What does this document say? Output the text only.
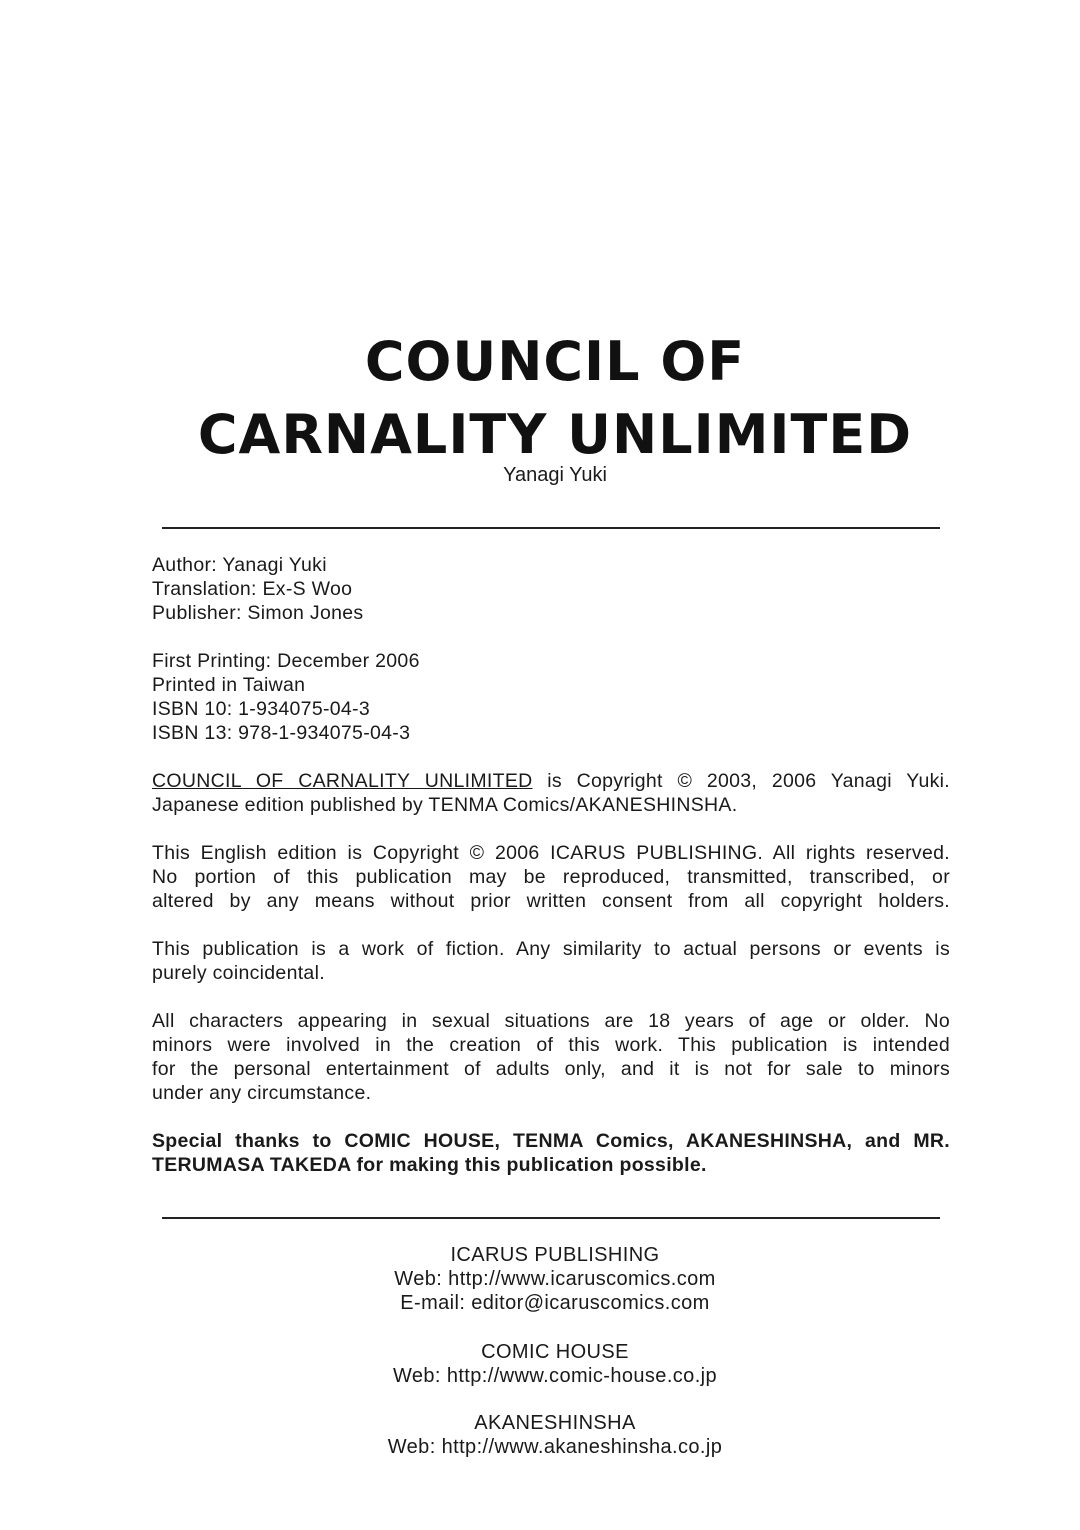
COUNCIL OF
CARNALITY UNLIMITED
Yanagi Yuki
Author: Yanagi Yuki
Translation: Ex-S Woo
Publisher: Simon Jones
First Printing: December 2006
Printed in Taiwan
ISBN 10: 1-934075-04-3
ISBN 13: 978-1-934075-04-3
COUNCIL OF CARNALITY UNLIMITED is Copyright © 2003, 2006 Yanagi Yuki.
Japanese edition published by TENMA Comics/AKANESHINSHA.
This English edition is Copyright © 2006 ICARUS PUBLISHING. All rights reserved.
No portion of this publication may be reproduced, transmitted, transcribed, or
altered by any means without prior written consent from all copyright holders.
This publication is a work of fiction. Any similarity to actual persons or events is
purely coincidental.
All characters appearing in sexual situations are 18 years of age or older. No
minors were involved in the creation of this work. This publication is intended
for the personal entertainment of adults only, and it is not for sale to minors
under any circumstance.
Special thanks to COMIC HOUSE, TENMA Comics, AKANESHINSHA, and MR.
TERUMASA TAKEDA for making this publication possible.
ICARUS PUBLISHING
Web: http://www.icaruscomics.com
E-mail: editor@icaruscomics.com
COMIC HOUSE
Web: http://www.comic-house.co.jp
AKANESHINSHA
Web: http://www.akaneshinsha.co.jp
